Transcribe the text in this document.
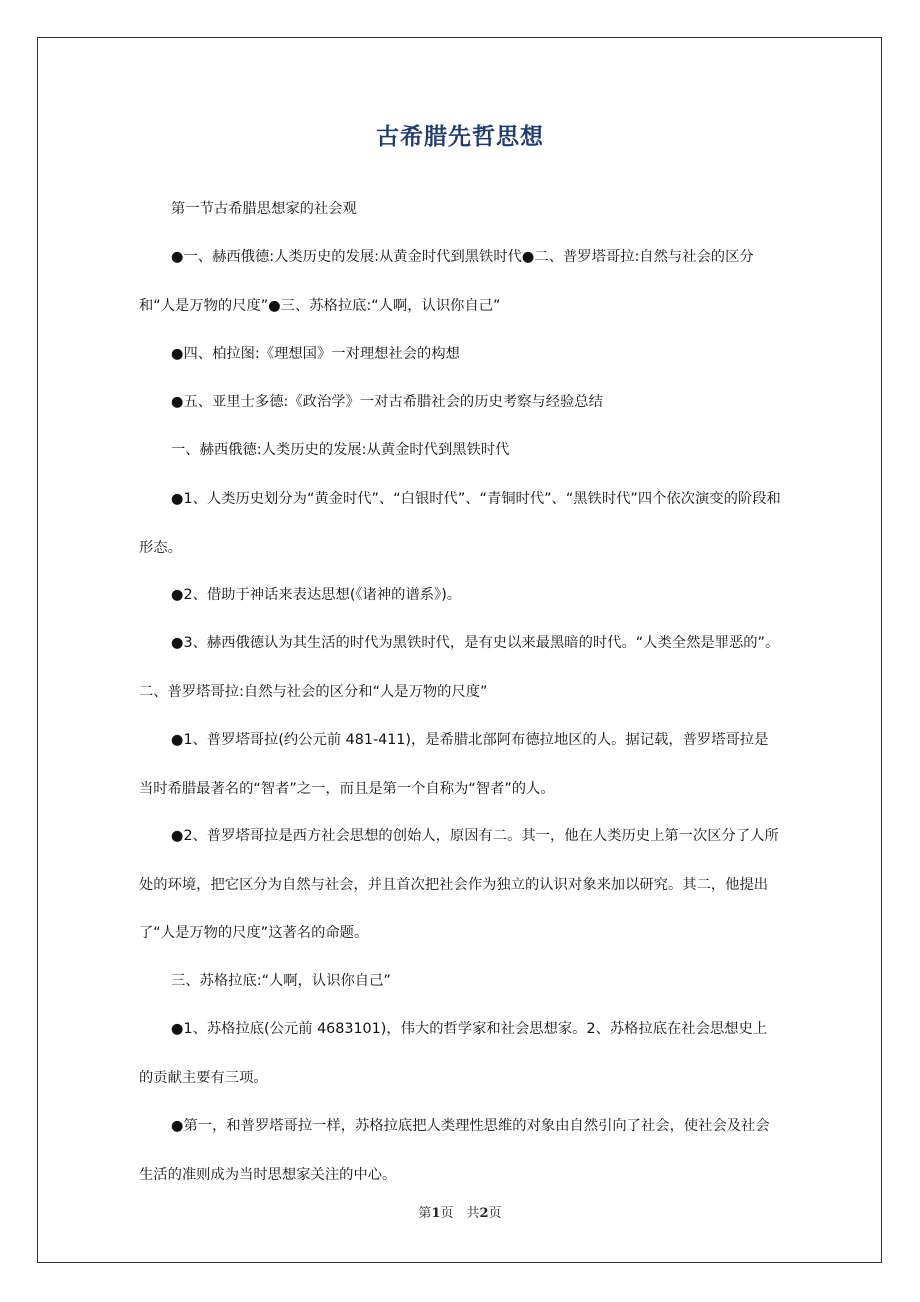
古希腊先哲思想

第一节古希腊思想家的社会观

●一、赫西俄德:人类历史的发展:从黄金时代到黑铁时代●二、普罗塔哥拉:自然与社会的区分和“人是万物的尺度”●三、苏格拉底:“人啊，认识你自己”

●四、柏拉图:《理想国》一对理想社会的构想

●五、亚里士多德:《政治学》一对古希腊社会的历史考察与经验总结

一、赫西俄德:人类历史的发展:从黄金时代到黑铁时代

●1、人类历史划分为“黄金时代”、“白银时代”、“青铜时代”、“黑铁时代”四个依次演变的阶段和形态。

●2、借助于神话来表达思想(《诸神的谱系》)。

●3、赫西俄德认为其生活的时代为黑铁时代，是有史以来最黑暗的时代。“人类全然是罪恶的”。二、普罗塔哥拉:自然与社会的区分和“人是万物的尺度”

●1、普罗塔哥拉(约公元前 481-411)，是希腊北部阿布德拉地区的人。据记载，普罗塔哥拉是当时希腊最著名的“智者”之一，而且是第一个自称为“智者”的人。

●2、普罗塔哥拉是西方社会思想的创始人，原因有二。其一，他在人类历史上第一次区分了人所处的环境，把它区分为自然与社会，并且首次把社会作为独立的认识对象来加以研究。其二，他提出了“人是万物的尺度”这著名的命题。

三、苏格拉底:“人啊，认识你自己”

●1、苏格拉底(公元前 4683101)，伟大的哲学家和社会思想家。2、苏格拉底在社会思想史上的贡献主要有三项。

●第一，和普罗塔哥拉一样，苏格拉底把人类理性思维的对象由自然引向了社会，使社会及社会生活的准则成为当时思想家关注的中心。

第1页　共2页
